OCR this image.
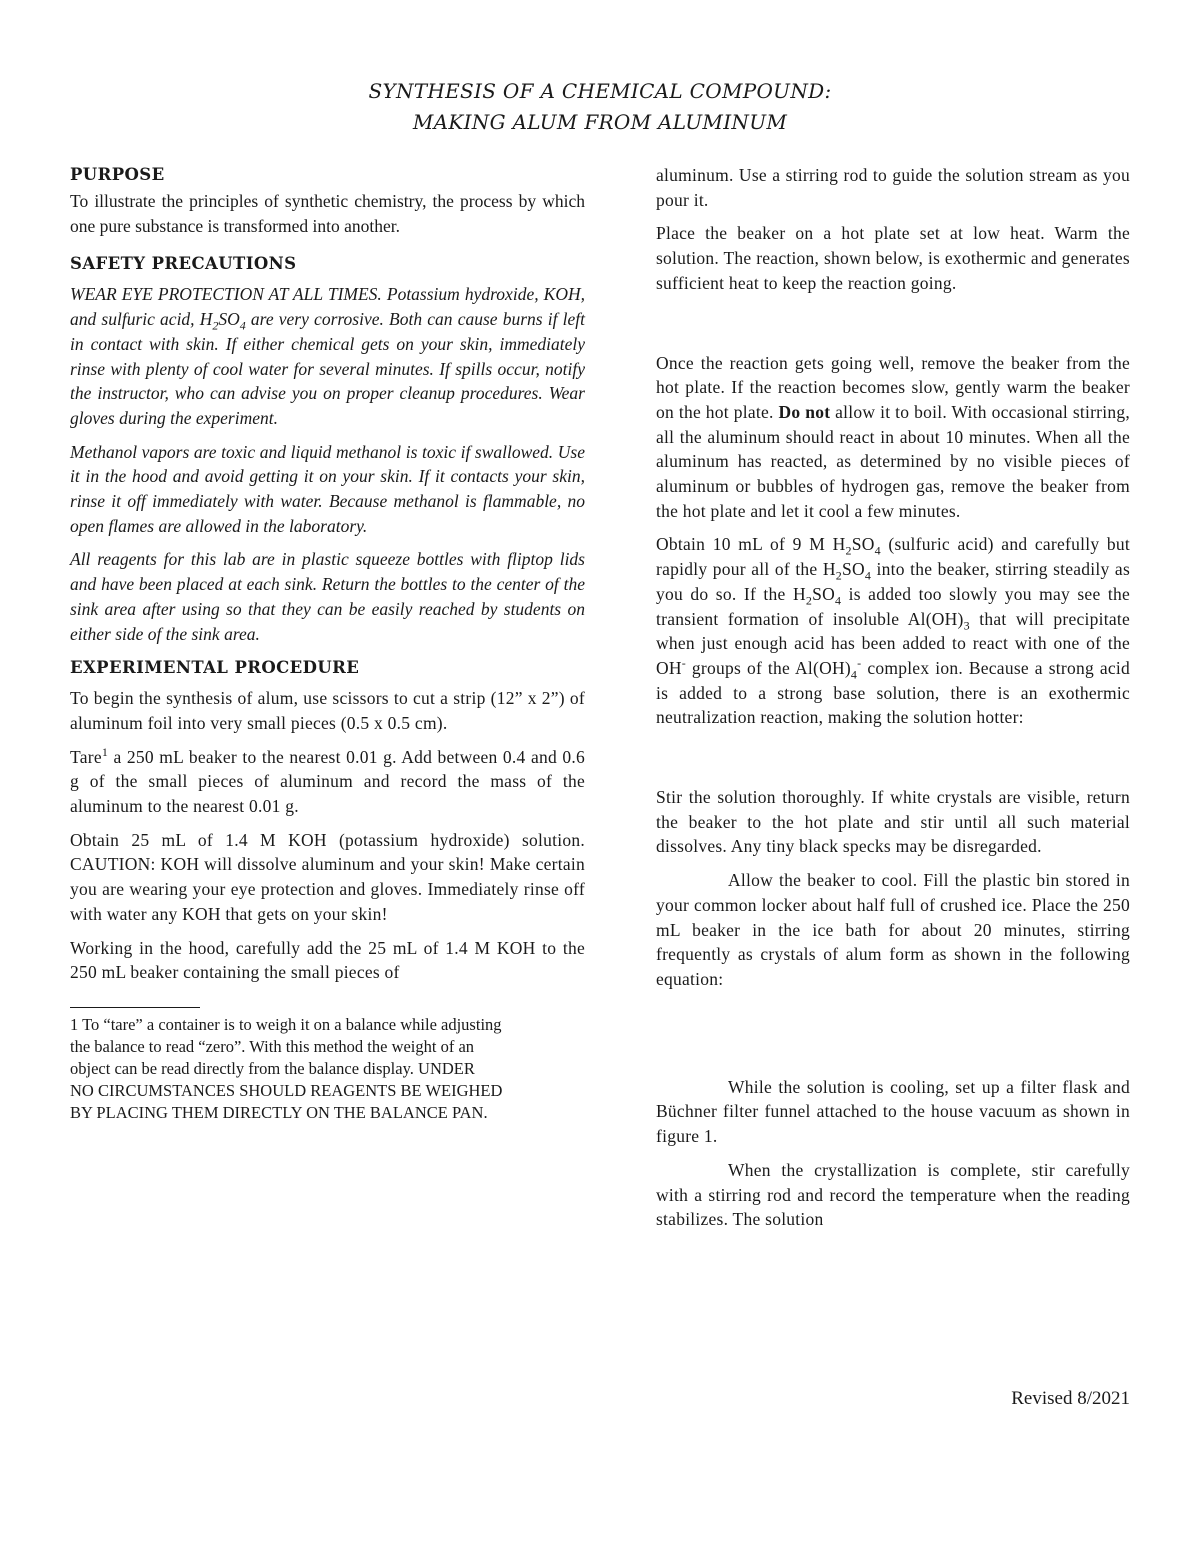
SYNTHESIS OF A CHEMICAL COMPOUND:
MAKING ALUM FROM ALUMINUM
PURPOSE

To illustrate the principles of synthetic chemistry, the process by which one pure substance is transformed into another.

SAFETY PRECAUTIONS

WEAR EYE PROTECTION AT ALL TIMES. Potassium hydroxide, KOH, and sulfuric acid, $H_2SO_4$ are very corrosive. Both can cause burns if left in contact with skin. If either chemical gets on your skin, immediately rinse with plenty of cool water for several minutes. If spills occur, notify the instructor, who can advise you on proper cleanup procedures. Wear gloves during the experiment.

Methanol vapors are toxic and liquid methanol is toxic if swallowed. Use it in the hood and avoid getting it on your skin. If it contacts your skin, rinse it off immediately with water. Because methanol is flammable, no open flames are allowed in the laboratory.

All reagents for this lab are in plastic squeeze bottles with fliptop lids and have been placed at each sink. Return the bottles to the center of the sink area after using so that they can be easily reached by students on either side of the sink area.

EXPERIMENTAL PROCEDURE

To begin the synthesis of alum, use scissors to cut a strip (12” x 2”) of aluminum foil into very small pieces (0.5 x 0.5 cm).

Tare$^1$ a 250 mL beaker to the nearest 0.01 g. Add between 0.4 and 0.6 g of the small pieces of aluminum and record the mass of the aluminum to the nearest 0.01 g.

Obtain 25 mL of 1.4 M KOH (potassium hydroxide) solution. CAUTION: KOH will dissolve aluminum and your skin! Make certain you are wearing your eye protection and gloves. Immediately rinse off with water any KOH that gets on your skin!

Working in the hood, carefully add the 25 mL of 1.4 M KOH to the 250 mL beaker containing the small pieces of

1 To “tare” a container is to weigh it on a balance while adjusting
the balance to read “zero”. With this method the weight of an
object can be read directly from the balance display. UNDER
NO CIRCUMSTANCES SHOULD REAGENTS BE WEIGHED
BY PLACING THEM DIRECTLY ON THE BALANCE PAN.

aluminum. Use a stirring rod to guide the solution stream as you pour it.

Place the beaker on a hot plate set at low heat. Warm the solution. The reaction, shown below, is exothermic and generates sufficient heat to keep the reaction going.

Once the reaction gets going well, remove the beaker from the hot plate. If the reaction becomes slow, gently warm the beaker on the hot plate. Do not allow it to boil. With occasional stirring, all the aluminum should react in about 10 minutes. When all the aluminum has reacted, as determined by no visible pieces of aluminum or bubbles of hydrogen gas, remove the beaker from the hot plate and let it cool a few minutes.

Obtain 10 mL of 9 M $H_2SO_4$ (sulfuric acid) and carefully but rapidly pour all of the $H_2SO_4$ into the beaker, stirring steadily as you do so. If the $H_2SO_4$ is added too slowly you may see the transient formation of insoluble $Al(OH)_3$ that will precipitate when just enough acid has been added to react with one of the OH- groups of the $Al(OH)_4^-$ complex ion. Because a strong acid is added to a strong base solution, there is an exothermic neutralization reaction, making the solution hotter:

Stir the solution thoroughly. If white crystals are visible, return the beaker to the hot plate and stir until all such material dissolves. Any tiny black specks may be disregarded.

Allow the beaker to cool. Fill the plastic bin stored in your common locker about half full of crushed ice. Place the 250 mL beaker in the ice bath for about 20 minutes, stirring frequently as crystals of alum form as shown in the following equation:

While the solution is cooling, set up a filter flask and Büchner filter funnel attached to the house vacuum as shown in figure 1.

When the crystallization is complete, stir carefully with a stirring rod and record the temperature when the reading stabilizes. The solution

Revised 8/2021
